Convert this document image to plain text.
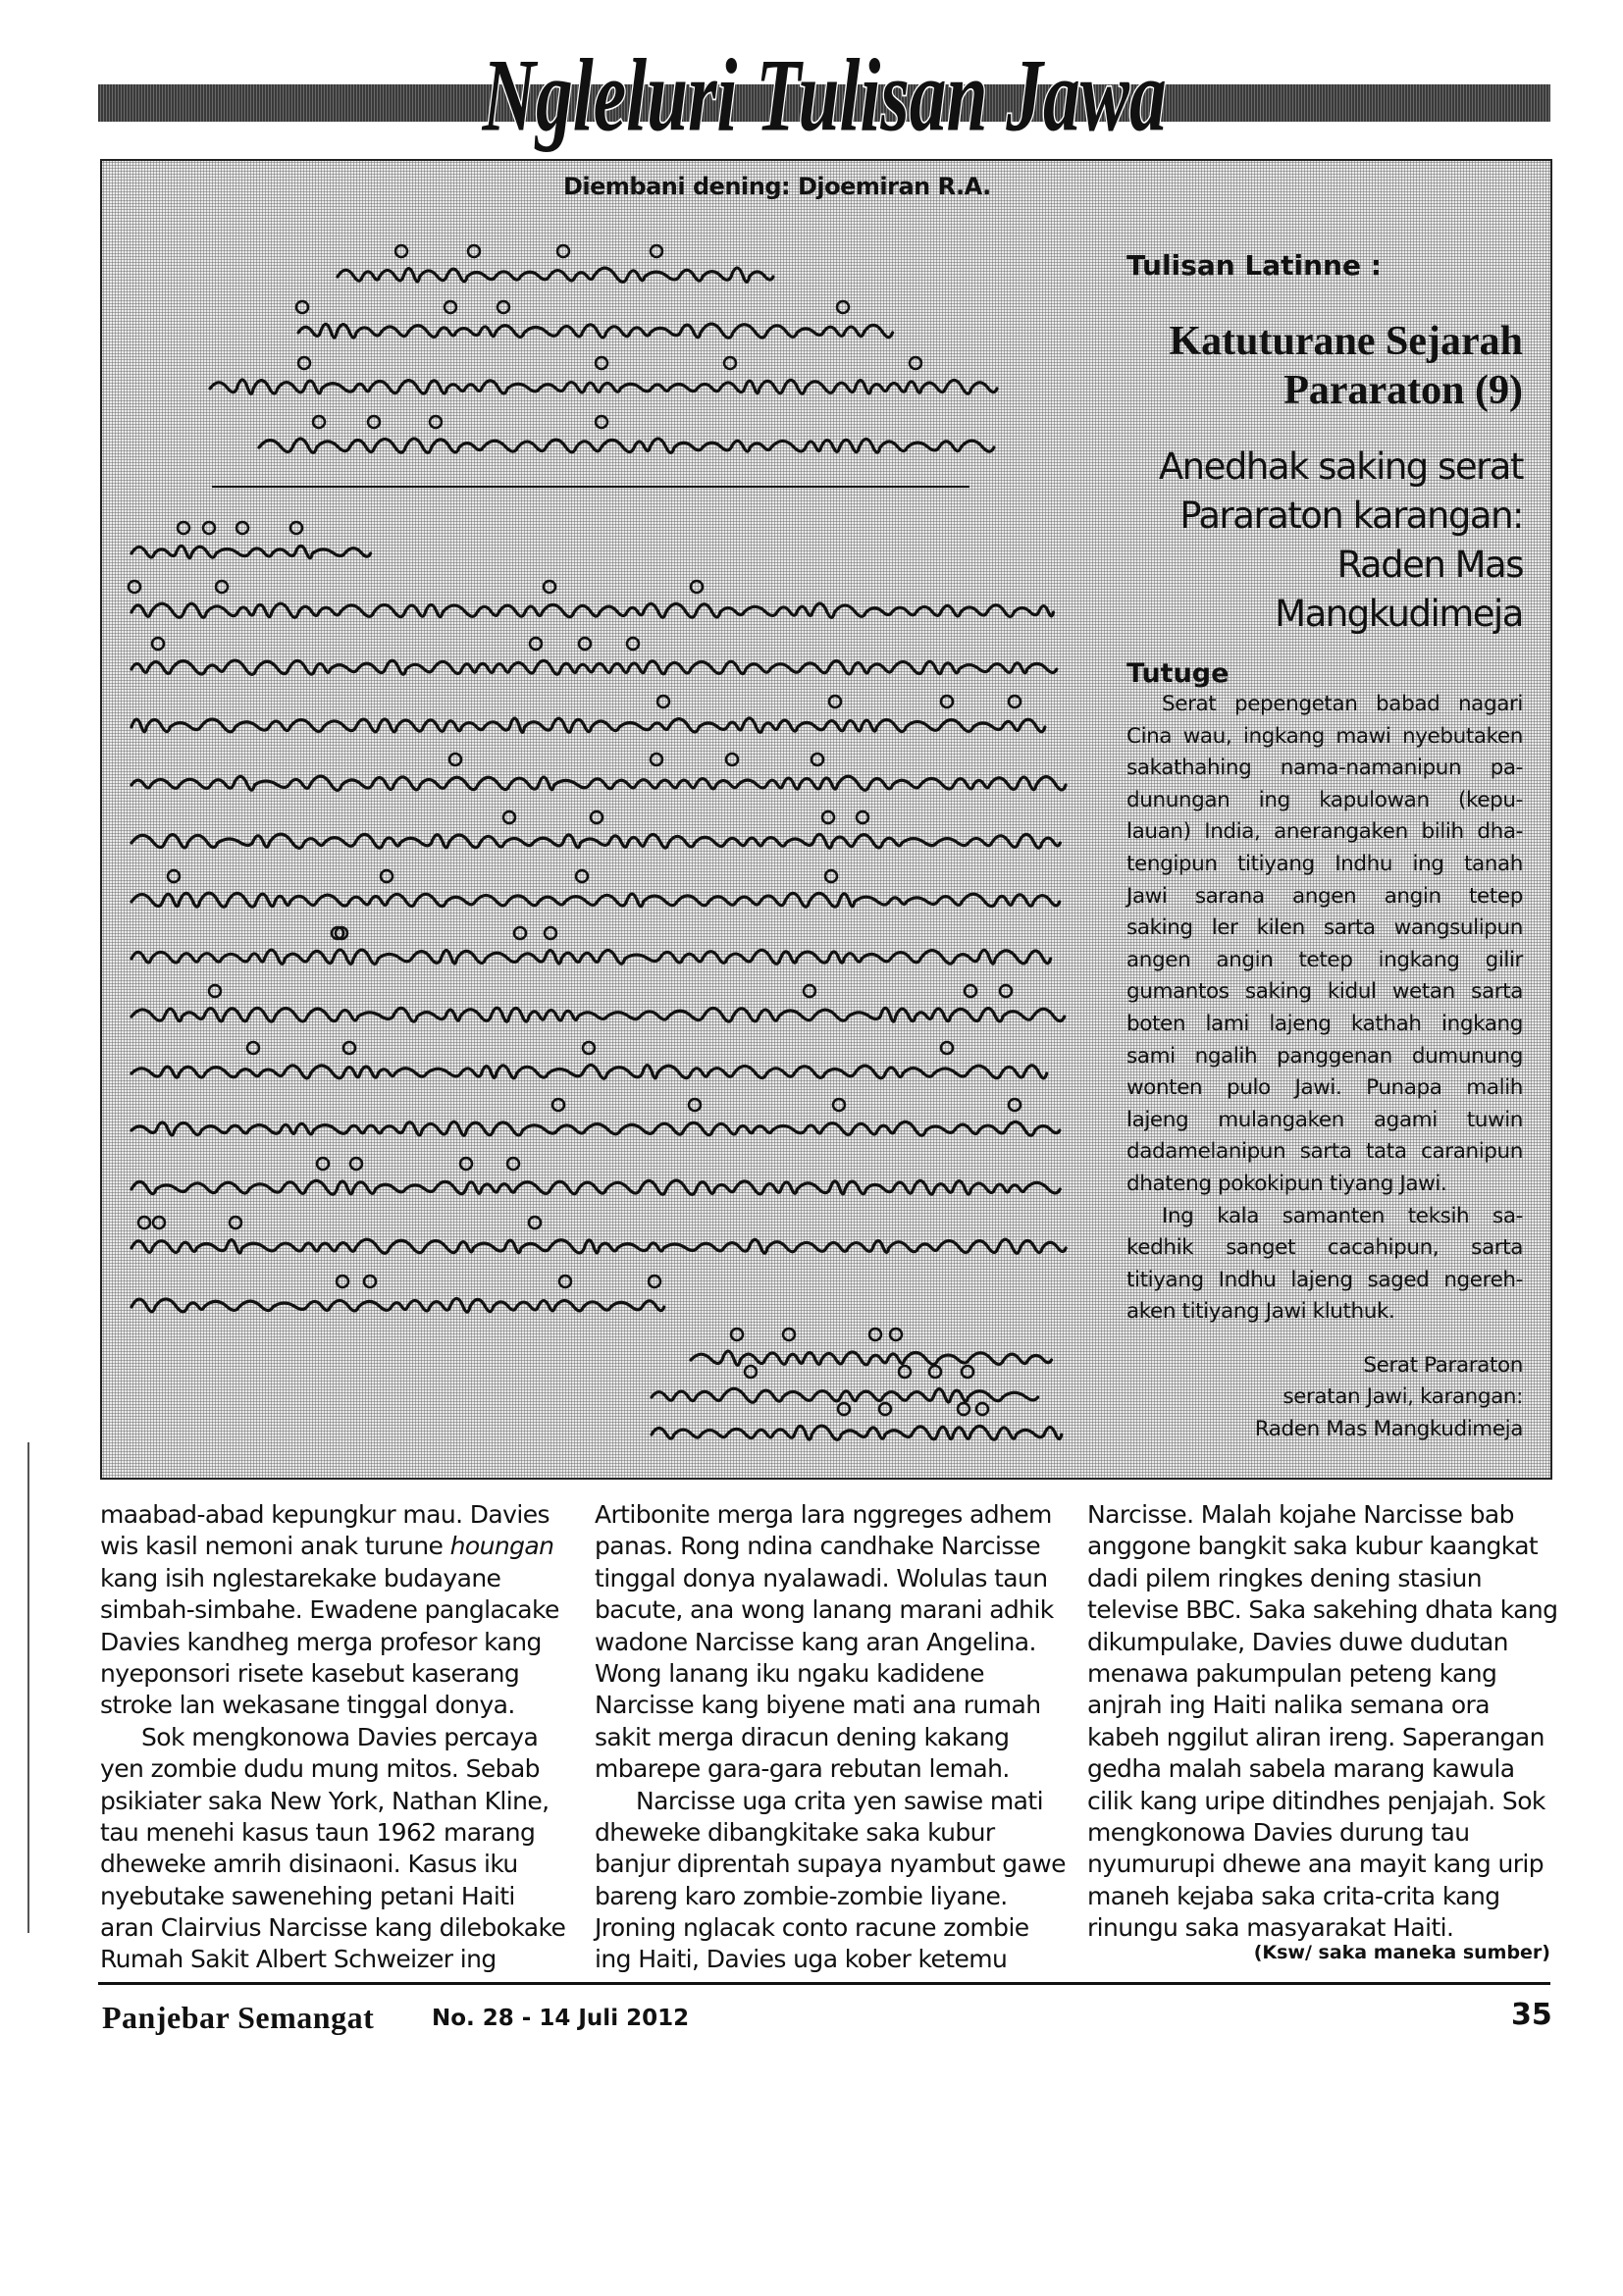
Ngleluri Tulisan Jawa
Diembani dening: Djoemiran R.A.
Tulisan Latinne :
Katuturane Sejarah
Pararaton (9)
Anedhak saking serat
Pararaton karangan:
Raden Mas
Mangkudimeja
Tutuge
Serat pepengetan babad nagari
Cina wau, ingkang mawi nyebutaken
sakathahing nama-namanipun pa-
dunungan ing kapulowan (kepu-
lauan) India, anerangaken bilih dha-
tengipun titiyang Indhu ing tanah
Jawi sarana angen angin tetep
saking ler kilen sarta wangsulipun
angen angin tetep ingkang gilir
gumantos saking kidul wetan sarta
boten lami lajeng kathah ingkang
sami ngalih panggenan dumunung
wonten pulo Jawi. Punapa malih
lajeng mulangaken agami tuwin
dadamelanipun sarta tata caranipun
dhateng pokokipun tiyang Jawi.
Ing kala samanten teksih sa-
kedhik sanget cacahipun, sarta
titiyang Indhu lajeng saged ngereh-
aken titiyang Jawi kluthuk.
Serat Pararaton
seratan Jawi, karangan:
Raden Mas Mangkudimeja
maabad-abad kepungkur mau. Davies
wis kasil nemoni anak turune houngan
kang isih nglestarekake budayane
simbah-simbahe. Ewadene panglacake
Davies kandheg merga profesor kang
nyeponsori risete kasebut kaserang
stroke lan wekasane tinggal donya.
Sok mengkonowa Davies percaya
yen zombie dudu mung mitos. Sebab
psikiater saka New York, Nathan Kline,
tau menehi kasus taun 1962 marang
dheweke amrih disinaoni. Kasus iku
nyebutake sawenehing petani Haiti
aran Clairvius Narcisse kang dilebokake
Rumah Sakit Albert Schweizer ing
Artibonite merga lara nggreges adhem
panas. Rong ndina candhake Narcisse
tinggal donya nyalawadi. Wolulas taun
bacute, ana wong lanang marani adhik
wadone Narcisse kang aran Angelina.
Wong lanang iku ngaku kadidene
Narcisse kang biyene mati ana rumah
sakit merga diracun dening kakang
mbarepe gara-gara rebutan lemah.
Narcisse uga crita yen sawise mati
dheweke dibangkitake saka kubur
banjur diprentah supaya nyambut gawe
bareng karo zombie-zombie liyane.
Jroning nglacak conto racune zombie
ing Haiti, Davies uga kober ketemu
Narcisse. Malah kojahe Narcisse bab
anggone bangkit saka kubur kaangkat
dadi pilem ringkes dening stasiun
televise BBC. Saka sakehing dhata kang
dikumpulake, Davies duwe dudutan
menawa pakumpulan peteng kang
anjrah ing Haiti nalika semana ora
kabeh nggilut aliran ireng. Saperangan
gedha malah sabela marang kawula
cilik kang uripe ditindhes penjajah. Sok
mengkonowa Davies durung tau
nyumurupi dhewe ana mayit kang urip
maneh kejaba saka crita-crita kang
rinungu saka masyarakat Haiti.
(Ksw/ saka maneka sumber)
Panjebar Semangat	No. 28 - 14 Juli 2012	35
